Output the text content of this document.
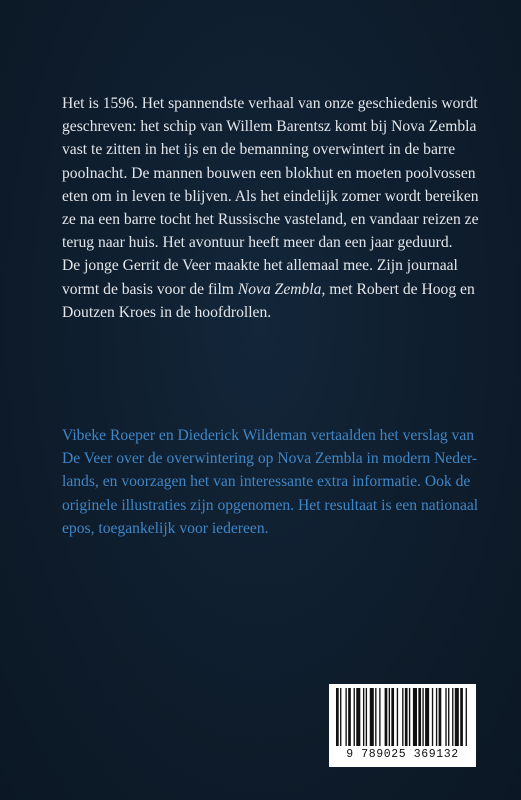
Het is 1596. Het spannendste verhaal van onze geschiedenis wordt
geschreven: het schip van Willem Barentsz komt bij Nova Zembla
vast te zitten in het ijs en de bemanning overwintert in de barre
poolnacht. De mannen bouwen een blokhut en moeten poolvossen
eten om in leven te blijven. Als het eindelijk zomer wordt bereiken
ze na een barre tocht het Russische vasteland, en vandaar reizen ze
terug naar huis. Het avontuur heeft meer dan een jaar geduurd.
De jonge Gerrit de Veer maakte het allemaal mee. Zijn journaal
vormt de basis voor de film Nova Zembla, met Robert de Hoog en
Doutzen Kroes in de hoofdrollen.

Vibeke Roeper en Diederick Wildeman vertaalden het verslag van
De Veer over de overwintering op Nova Zembla in modern Neder-
lands, en voorzagen het van interessante extra informatie. Ook de
originele illustraties zijn opgenomen. Het resultaat is een nationaal
epos, toegankelijk voor iedereen.

9 789025 369132
